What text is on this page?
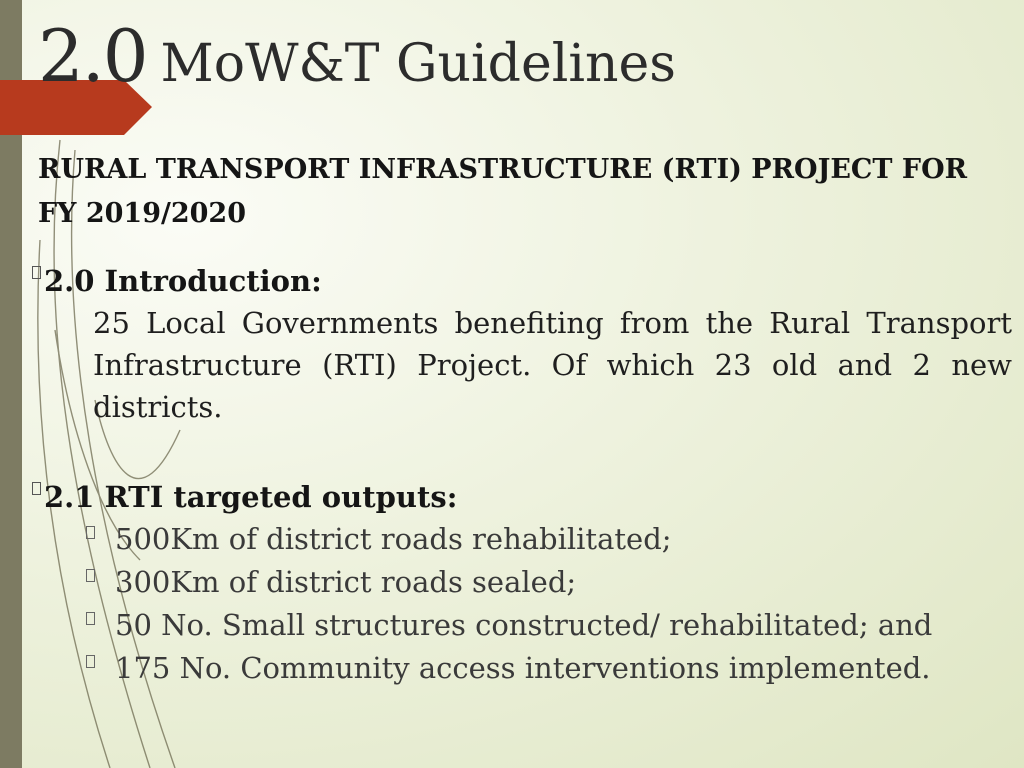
2.0 MoW&T Guidelines
RURAL TRANSPORT INFRASTRUCTURE (RTI) PROJECT FOR FY 2019/2020
2.0 Introduction:

25 Local Governments benefiting from the Rural Transport Infrastructure (RTI) Project. Of which 23 old and 2 new districts.

2.1 RTI targeted outputs:
500Km of district roads rehabilitated;
300Km of district roads sealed;
50 No. Small structures constructed/ rehabilitated; and
175 No. Community access interventions implemented.
